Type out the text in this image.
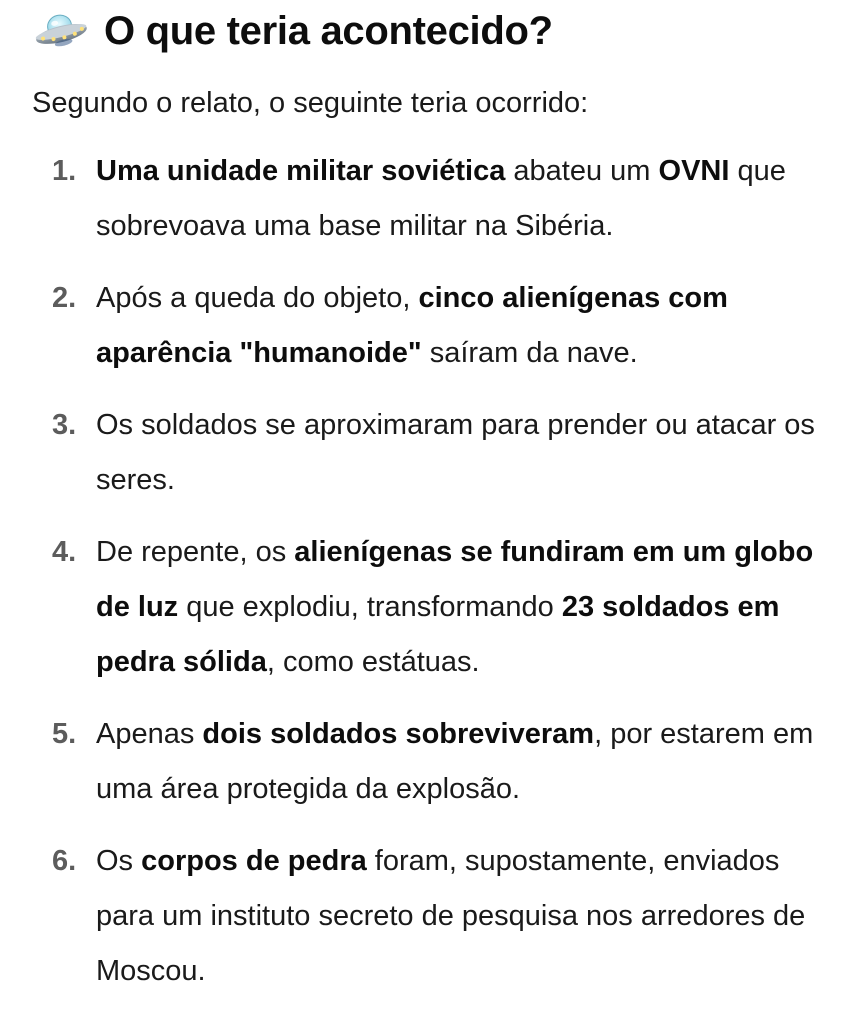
O que teria acontecido?
Segundo o relato, o seguinte teria ocorrido:
1. Uma unidade militar soviética abateu um OVNI que sobrevoava uma base militar na Sibéria.
2. Após a queda do objeto, cinco alienígenas com aparência "humanoide" saíram da nave.
3. Os soldados se aproximaram para prender ou atacar os seres.
4. De repente, os alienígenas se fundiram em um globo de luz que explodiu, transformando 23 soldados em pedra sólida, como estátuas.
5. Apenas dois soldados sobreviveram, por estarem em uma área protegida da explosão.
6. Os corpos de pedra foram, supostamente, enviados para um instituto secreto de pesquisa nos arredores de Moscou.
